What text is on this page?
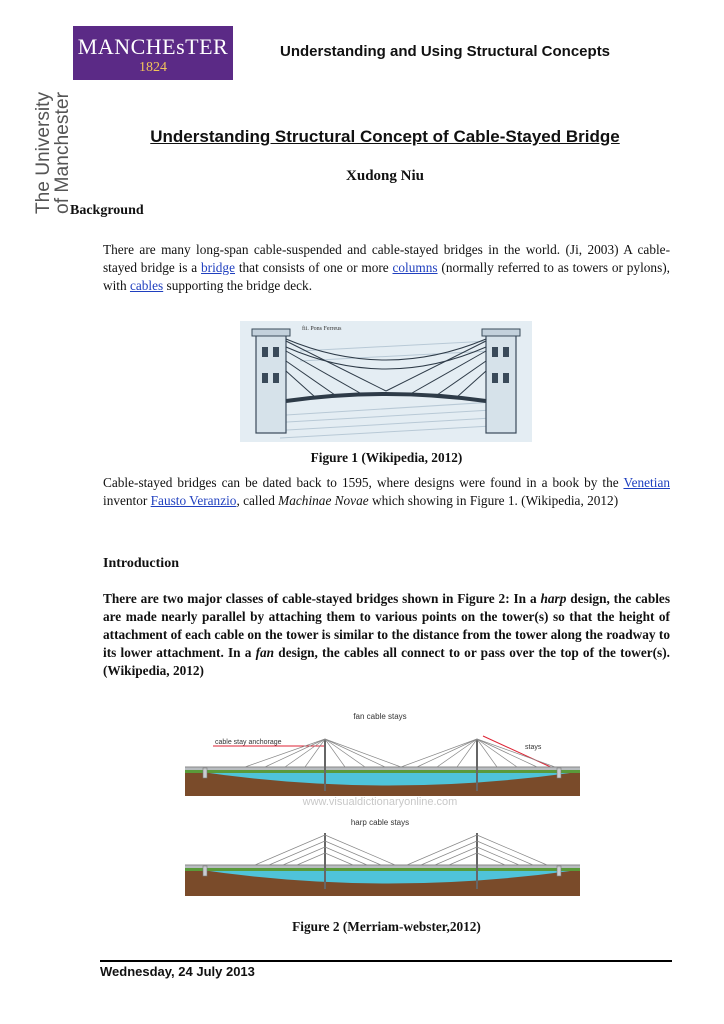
MANCHEsTER
1824
The University
of Manchester
Understanding and Using Structural Concepts
Understanding Structural Concept of Cable-Stayed Bridge
Xudong Niu
Background

There are many long-span cable-suspended and cable-stayed bridges in the world. (Ji, 2003) A cable-stayed bridge is a bridge that consists of one or more columns (normally referred to as towers or pylons), with cables supporting the bridge deck.

fii. Pons Ferreus
Figure 1 (Wikipedia, 2012)

Cable-stayed bridges can be dated back to 1595, where designs were found in a book by the Venetian inventor Fausto Veranzio, called Machinae Novae which showing in Figure 1. (Wikipedia, 2012)

Introduction

There are two major classes of cable-stayed bridges shown in Figure 2: In a harp design, the cables are made nearly parallel by attaching them to various points on the tower(s) so that the height of attachment of each cable on the tower is similar to the distance from the tower along the roadway to its lower attachment. In a fan design, the cables all connect to or pass over the top of the tower(s). (Wikipedia, 2012)

fan cable stays
cable stay anchorage
stays
www.visualdictionaryonline.com
harp cable stays
Figure 2 (Merriam-webster,2012)
Wednesday, 24 July 2013
